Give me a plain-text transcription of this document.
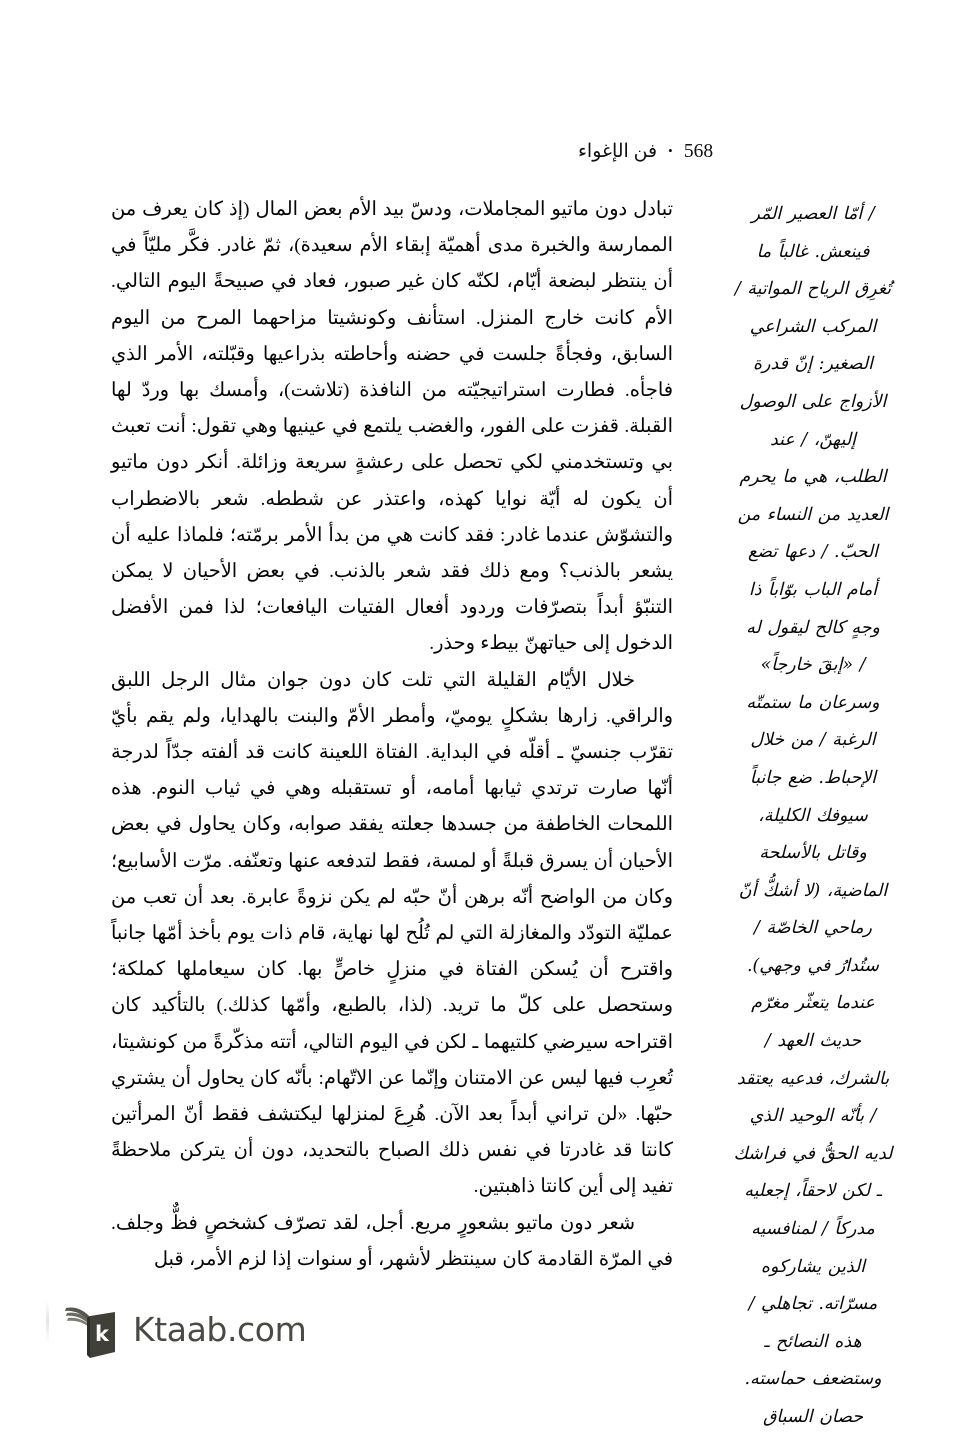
568•فن الإغواء

تبادل دون ماتيو المجاملات، ودسّ بيد الأم بعض المال (إذ كان يعرف من الممارسة والخبرة مدى أهميّة إبقاء الأم سعيدة)، ثمّ غادر. فكَّر مليّاً في أن ينتظر لبضعة أيّام، لكنّه كان غير صبور، فعاد في صبيحةً اليوم التالي. الأم كانت خارج المنزل. استأنف وكونشيتا مزاحهما المرح من اليوم السابق، وفجأةً جلست في حضنه وأحاطته بذراعيها وقبّلته، الأمر الذي فاجأه. فطارت استراتيجيّته من النافذة (تلاشت)، وأمسك بها وردّ لها القبلة. قفزت على الفور، والغضب يلتمع في عينيها وهي تقول: أنت تعبث بي وتستخدمني لكي تحصل على رعشةٍ سريعة وزائلة. أنكر دون ماتيو أن يكون له أيّة نوايا كهذه، واعتذر عن شططه. شعر بالاضطراب والتشوّش عندما غادر: فقد كانت هي من بدأ الأمر برمّته؛ فلماذا عليه أن يشعر بالذنب؟ ومع ذلك فقد شعر بالذنب. في بعض الأحيان لا يمكن التنبّؤ أبداً بتصرّفات وردود أفعال الفتيات اليافعات؛ لذا فمن الأفضل الدخول إلى حياتهنّ بيطء وحذر.

خلال الأيّام القليلة التي تلت كان دون جوان مثال الرجل اللبق والراقي. زارها بشكلٍ يوميّ، وأمطر الأمّ والبنت بالهدايا، ولم يقم بأيّ تقرّب جنسيّ ـ أقلّه في البداية. الفتاة اللعينة كانت قد ألفته جدّاً لدرجة أنّها صارت ترتدي ثيابها أمامه، أو تستقبله وهي في ثياب النوم. هذه اللمحات الخاطفة من جسدها جعلته يفقد صوابه، وكان يحاول في بعض الأحيان أن يسرق قبلةً أو لمسة، فقط لتدفعه عنها وتعنّفه. مرّت الأسابيع؛ وكان من الواضح أنّه برهن أنّ حبّه لم يكن نزوةً عابرة. بعد أن تعب من عمليّة التودّد والمغازلة التي لم تُلُح لها نهاية، قام ذات يوم بأخذ أمّها جانباً واقترح أن يُسكن الفتاة في منزلٍ خاصٍّ بها. كان سيعاملها كملكة؛ وستحصل على كلّ ما تريد. (لذا، بالطبع، وأمّها كذلك.) بالتأكيد كان اقتراحه سيرضي كلتيهما ـ لكن في اليوم التالي، أتته مذكّرةً من كونشيتا، تُعرِب فيها ليس عن الامتنان وإنّما عن الاتّهام: بأنّه كان يحاول أن يشتري حبّها. «لن تراني أبداً بعد الآن. هُرِعَ لمنزلها ليكتشف فقط أنّ المرأتين كانتا قد غادرتا في نفس ذلك الصباح بالتحديد، دون أن يتركن ملاحظةً تفيد إلى أين كانتا ذاهبتين.

شعر دون ماتيو بشعورٍ مريع. أجل، لقد تصرّف كشخصٍ فظٌّ وجلف. في المرّة القادمة كان سينتظر لأشهر، أو سنوات إذا لزم الأمر، قبل

/ أمّا العصير المّر

فينعش. غالباً ما

تُغرِق الرياح المواتية /

المركب الشراعي

الصغير: إنّ قدرة

الأزواج على الوصول

إليهنّ، / عند

الطلب، هي ما يحرم

العديد من النساء من

الحبّ. / دعها تضع

أمام الباب بوّاباً ذا

وجهٍ كالح ليقول له

/ «إبقَ خارجاً»

وسرعان ما ستمتّه

الرغبة / من خلال

الإحباط. ضع جانباً

سيوفك الكليلة،

وقاتل بالأسلحة

الماضية، (لا أشكُّ أنّ

رماحي الخاصّة /

ستُدارُ في وجهي).

عندما يتعثّر مغرّم

حديث العهد /

بالشرك، فدعيه يعتقد

/ بأنّه الوحيد الذي

لديه الحقُّ في فراشك

ـ لكن لاحقاً، إجعليه

مدركاً / لمنافسيه

الذين يشاركوه

مسرّاته. تجاهلي /

هذه النصائح ـ

وستضعف حماسته.

حصان السباق

k Ktaab.com
